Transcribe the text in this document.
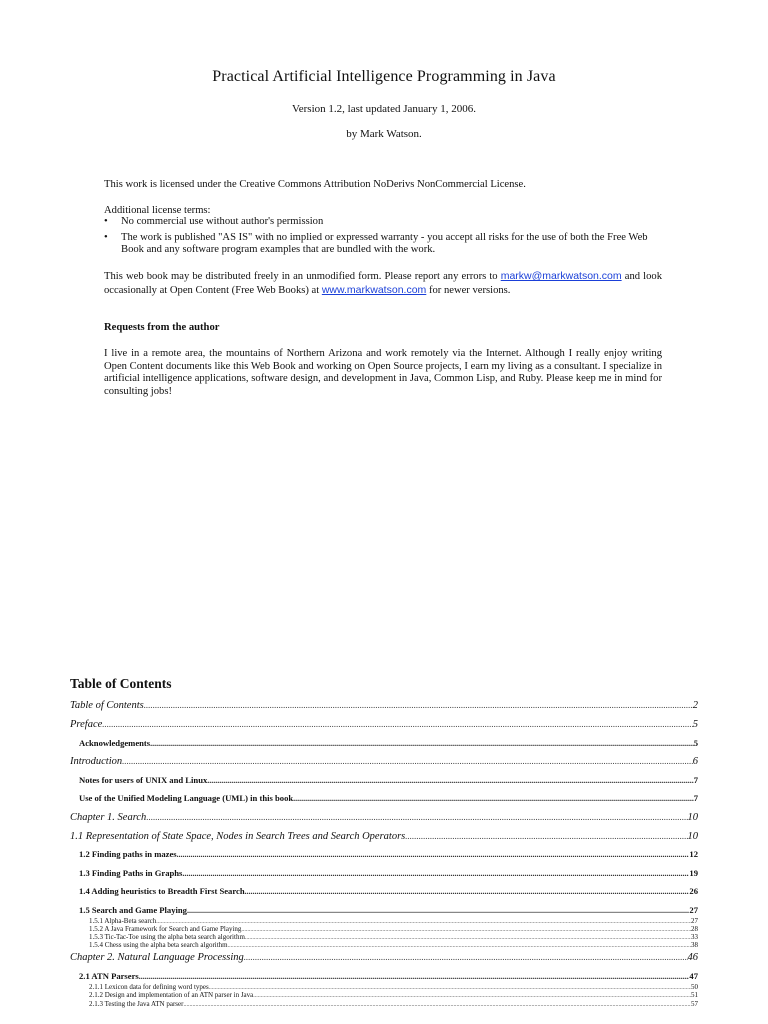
Practical Artificial Intelligence Programming in Java
Version 1.2, last updated January 1, 2006.
by Mark Watson.
This work is licensed under the Creative Commons Attribution NoDerivs NonCommercial License.
Additional license terms:
• No commercial use without author's permission
• The work is published "AS IS" with no implied or expressed warranty - you accept all risks for the use of both the Free Web Book and any software program examples that are bundled with the work.
This web book may be distributed freely in an unmodified form. Please report any errors to markw@markwatson.com and look occasionally at Open Content (Free Web Books) at www.markwatson.com for newer versions.
Requests from the author
I live in a remote area, the mountains of Northern Arizona and work remotely via the Internet. Although I really enjoy writing Open Content documents like this Web Book and working on Open Source projects, I earn my living as a consultant. I specialize in artificial intelligence applications, software design, and development in Java, Common Lisp, and Ruby. Please keep me in mind for consulting jobs!
Table of Contents
Table of Contents .....	2
Preface .....	5
Acknowledgements .....	5
Introduction .....	6
Notes for users of UNIX and Linux .....	7
Use of the Unified Modeling Language (UML) in this book .....	7
Chapter 1. Search .....	10
1.1 Representation of State Space, Nodes in Search Trees and Search Operators .....	10
1.2 Finding paths in mazes .....	12
1.3 Finding Paths in Graphs .....	19
1.4 Adding heuristics to Breadth First Search .....	26
1.5 Search and Game Playing .....	27
1.5.1 Alpha-Beta search .....	27
1.5.2 A Java Framework for Search and Game Playing .....	28
1.5.3 Tic-Tac-Toe using the alpha beta search algorithm .....	33
1.5.4 Chess using the alpha beta search algorithm .....	38
Chapter 2. Natural Language Processing .....	46
2.1 ATN Parsers .....	47
2.1.1 Lexicon data for defining word types .....	50
2.1.2 Design and implementation of an ATN parser in Java .....	51
2.1.3 Testing the Java ATN parser .....	57
